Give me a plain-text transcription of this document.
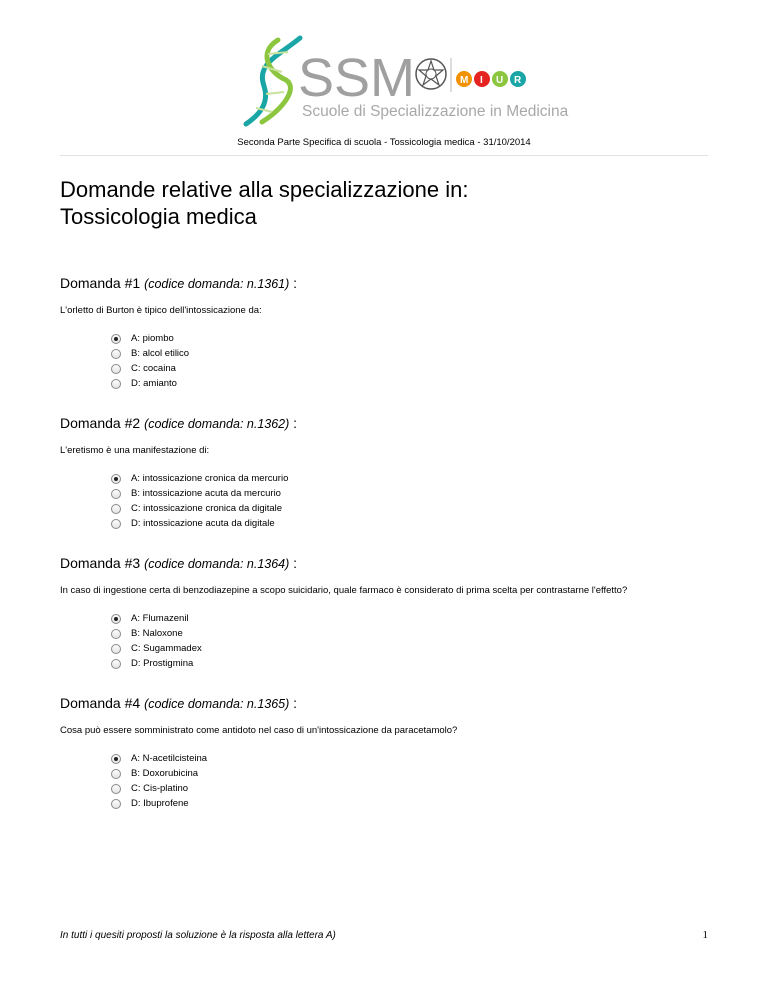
SSM	M I U R
Scuole di Specializzazione in Medicina
Seconda Parte Specifica di scuola - Tossicologia medica - 31/10/2014
Domande relative alla specializzazione in:
Tossicologia medica
Domanda #1 (codice domanda: n.1361) :
L'orletto di Burton è tipico dell'intossicazione da:
A: piombo
B: alcol etilico
C: cocaina
D: amianto
Domanda #2 (codice domanda: n.1362) :
L'eretismo è una manifestazione di:
A: intossicazione cronica da mercurio
B: intossicazione acuta da mercurio
C: intossicazione cronica da digitale
D: intossicazione acuta da digitale
Domanda #3 (codice domanda: n.1364) :
In caso di ingestione certa di benzodiazepine a scopo suicidario, quale farmaco è considerato di prima scelta per contrastarne l'effetto?
A: Flumazenil
B: Naloxone
C: Sugammadex
D: Prostigmina
Domanda #4 (codice domanda: n.1365) :
Cosa può essere somministrato come antidoto nel caso di un'intossicazione da paracetamolo?
A: N-acetilcisteina
B: Doxorubicina
C: Cis-platino
D: Ibuprofene
In tutti i quesiti proposti la soluzione è la risposta alla lettera A)	1
